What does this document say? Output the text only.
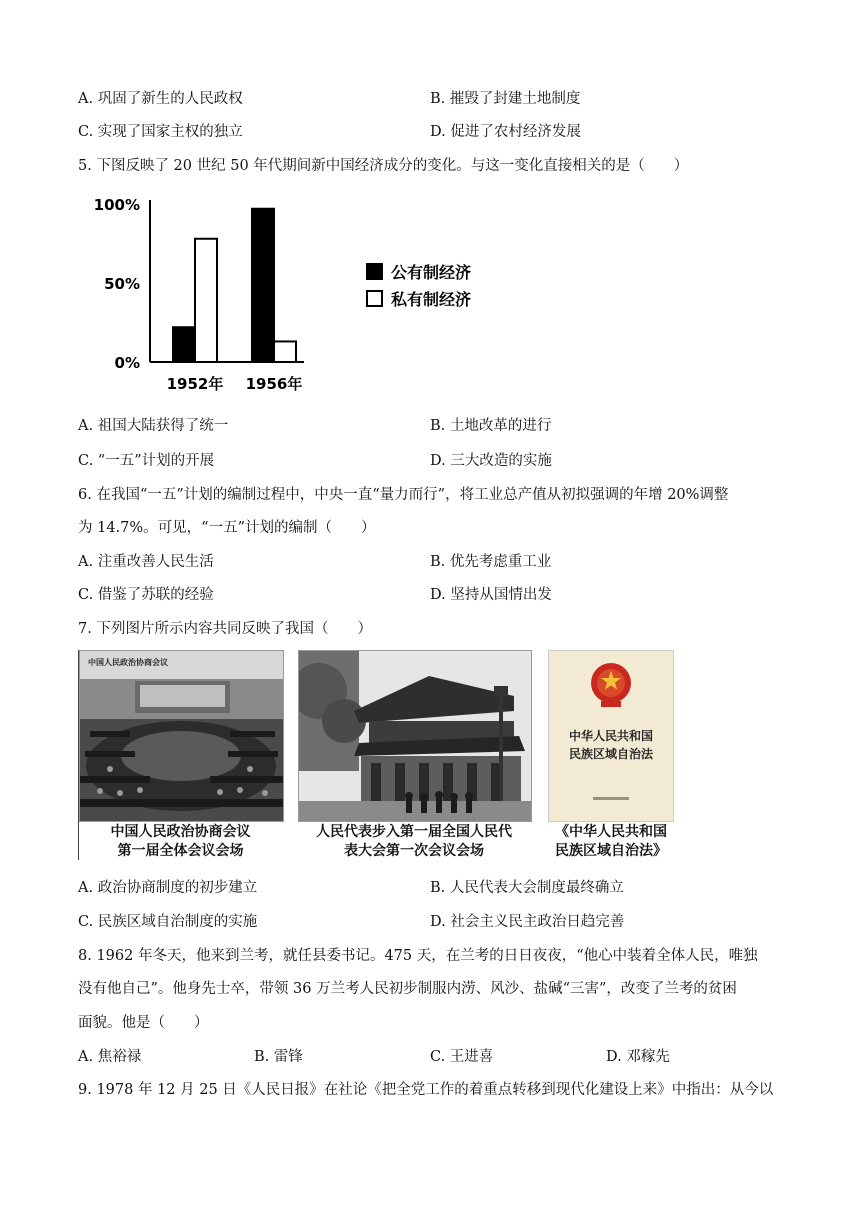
A. 巩固了新生的人民政权	B. 摧毁了封建土地制度
C. 实现了国家主权的独立	D. 促进了农村经济发展
5. 下图反映了 20 世纪 50 年代期间新中国经济成分的变化。与这一变化直接相关的是（　　）
100%
50%
0%
1952年 1956年
公有制经济
私有制经济
A. 祖国大陆获得了统一	B. 土地改革的进行
C. “一五”计划的开展	D. 三大改造的实施
6. 在我国“一五”计划的编制过程中，中央一直“量力而行”，将工业总产值从初拟强调的年增 20%调整
为 14.7%。可见，“一五”计划的编制（　　）
A. 注重改善人民生活	B. 优先考虑重工业
C. 借鉴了苏联的经验	D. 坚持从国情出发
7. 下列图片所示内容共同反映了我国（　　）
中国人民政治协商会议
中国人民政治协商会议
第一届全体会议会场
人民代表步入第一届全国人民代
表大会第一次会议会场
中华人民共和国
民族区域自治法
《中华人民共和国
民族区域自治法》
A. 政治协商制度的初步建立	B. 人民代表大会制度最终确立
C. 民族区域自治制度的实施	D. 社会主义民主政治日趋完善
8. 1962 年冬天，他来到兰考，就任县委书记。475 天，在兰考的日日夜夜，“他心中装着全体人民，唯独
没有他自己”。他身先士卒，带领 36 万兰考人民初步制服内涝、风沙、盐碱“三害”，改变了兰考的贫困
面貌。他是（　　）
A. 焦裕禄	B. 雷锋	C. 王进喜	D. 邓稼先
9. 1978 年 12 月 25 日《人民日报》在社论《把全党工作的着重点转移到现代化建设上来》中指出：从今以
